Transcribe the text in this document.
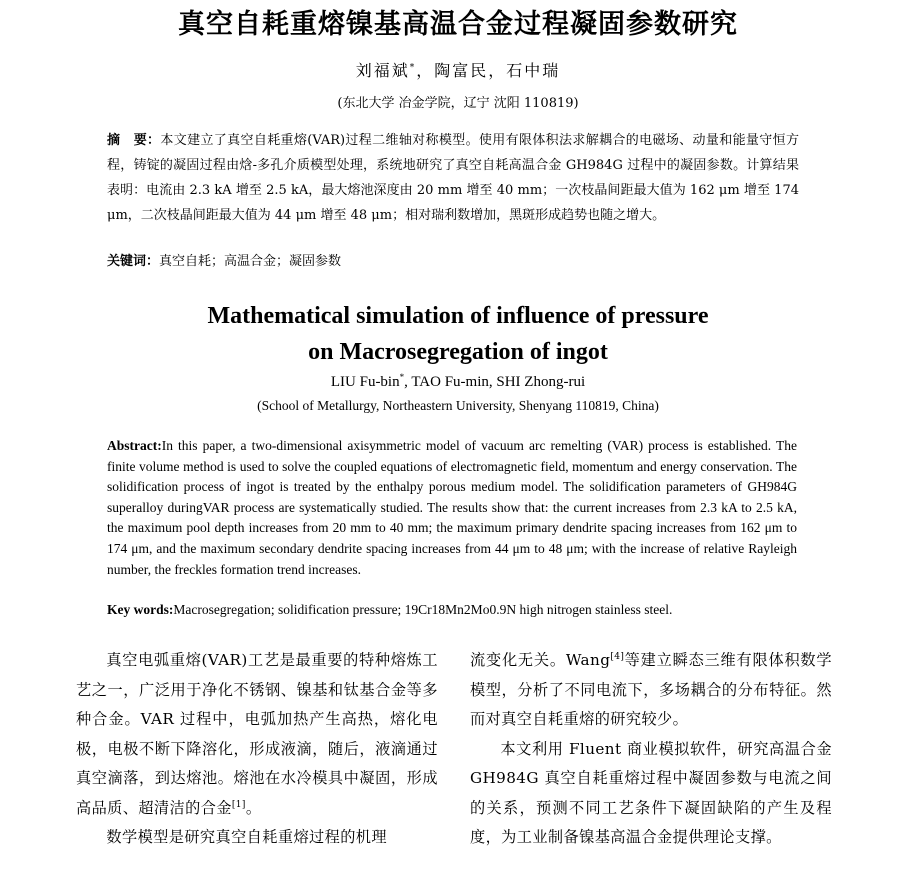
真空自耗重熔镍基高温合金过程凝固参数研究
刘福斌*，陶富民，石中瑞
(东北大学 冶金学院，辽宁 沈阳 110819)
摘　要：本文建立了真空自耗重熔(VAR)过程二维轴对称模型。使用有限体积法求解耦合的电磁场、动量和能量守恒方程，铸锭的凝固过程由焓-多孔介质模型处理，系统地研究了真空自耗高温合金 GH984G 过程中的凝固参数。计算结果表明：电流由 2.3 kA 增至 2.5 kA，最大熔池深度由 20 mm 增至 40 mm；一次枝晶间距最大值为 162 μm 增至 174 μm，二次枝晶间距最大值为 44 μm 增至 48 μm；相对瑞利数增加，黑斑形成趋势也随之增大。
关键词：真空自耗；高温合金；凝固参数
Mathematical simulation of influence of pressure
on Macrosegregation of ingot
LIU Fu-bin*, TAO Fu-min, SHI Zhong-rui
(School of Metallurgy, Northeastern University, Shenyang 110819, China)
Abstract:In this paper, a two-dimensional axisymmetric model of vacuum arc remelting (VAR) process is established. The finite volume method is used to solve the coupled equations of electromagnetic field, momentum and energy conservation. The solidification process of ingot is treated by the enthalpy porous medium model. The solidification parameters of GH984G superalloy duringVAR process are systematically studied. The results show that: the current increases from 2.3 kA to 2.5 kA, the maximum pool depth increases from 20 mm to 40 mm; the maximum primary dendrite spacing increases from 162 μm to 174 μm, and the maximum secondary dendrite spacing increases from 44 μm to 48 μm; with the increase of relative Rayleigh number, the freckles formation trend increases.
Key words:Macrosegregation; solidification pressure; 19Cr18Mn2Mo0.9N high nitrogen stainless steel.

真空电弧重熔(VAR)工艺是最重要的特种熔炼工艺之一，广泛用于净化不锈钢、镍基和钛基合金等多种合金。VAR 过程中，电弧加热产生高热，熔化电极，电极不断下降溶化，形成液滴，随后，液滴通过真空滴落，到达熔池。熔池在水冷模具中凝固，形成高品质、超清洁的合金[1]。

数学模型是研究真空自耗重熔过程的机理

流变化无关。Wang[4]等建立瞬态三维有限体积数学模型，分析了不同电流下，多场耦合的分布特征。然而对真空自耗重熔的研究较少。

本文利用 Fluent 商业模拟软件，研究高温合金 GH984G 真空自耗重熔过程中凝固参数与电流之间的关系，预测不同工艺条件下凝固缺陷的产生及程度，为工业制备镍基高温合金提供理论支撑。
